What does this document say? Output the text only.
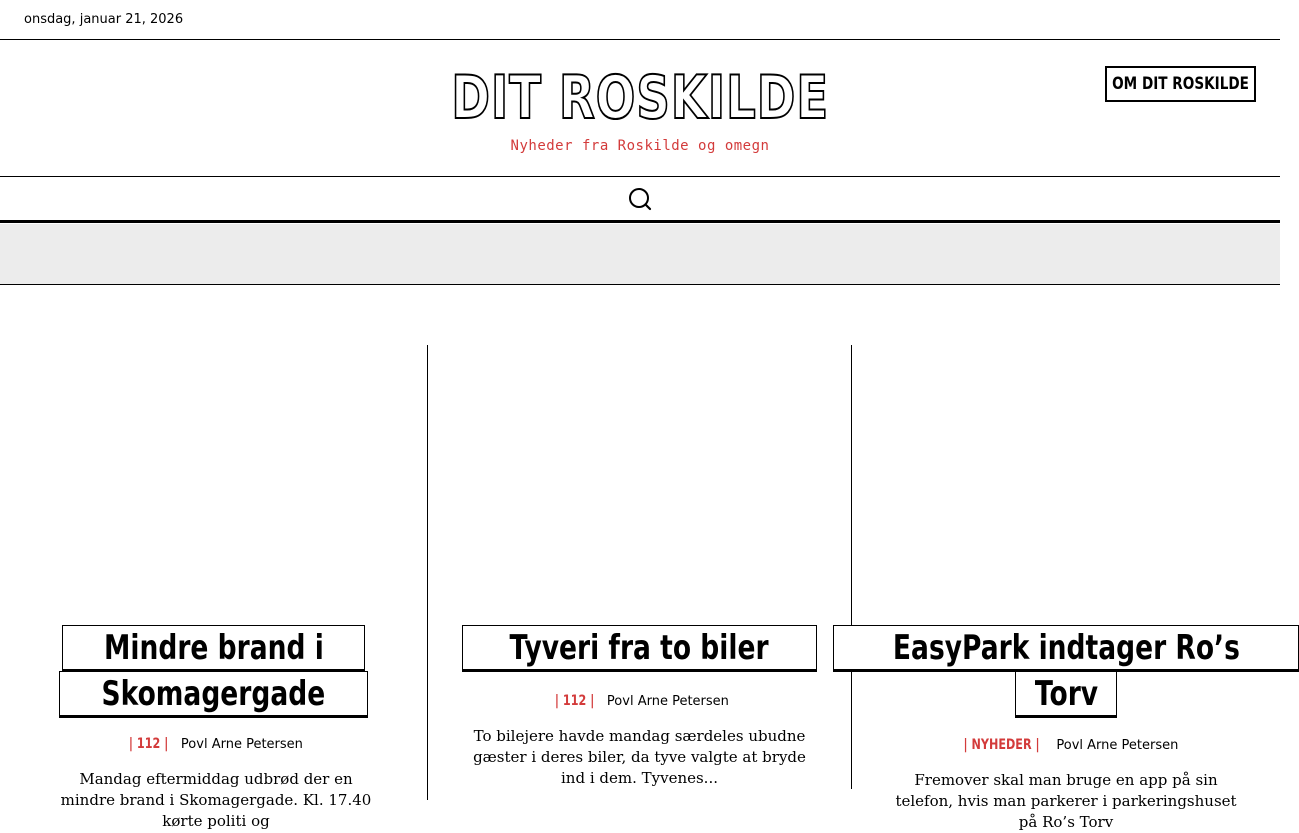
onsdag, januar 21, 2026
DIT ROSKILDE
Nyheder fra Roskilde og omegn
OM DIT ROSKILDE
Mindre brand i
Skomagergade
| 112 | Povl Arne Petersen
Mandag eftermiddag udbrød der en mindre brand i Skomagergade. Kl. 17.40 kørte politi og
Tyveri fra to biler
| 112 | Povl Arne Petersen
To bilejere havde mandag særdeles ubudne gæster i deres biler, da tyve valgte at bryde ind i dem. Tyvenes...
EasyPark indtager Ro’s
Torv
| NYHEDER | Povl Arne Petersen
Fremover skal man bruge en app på sin telefon, hvis man parkerer i parkeringshuset på Ro’s Torv
